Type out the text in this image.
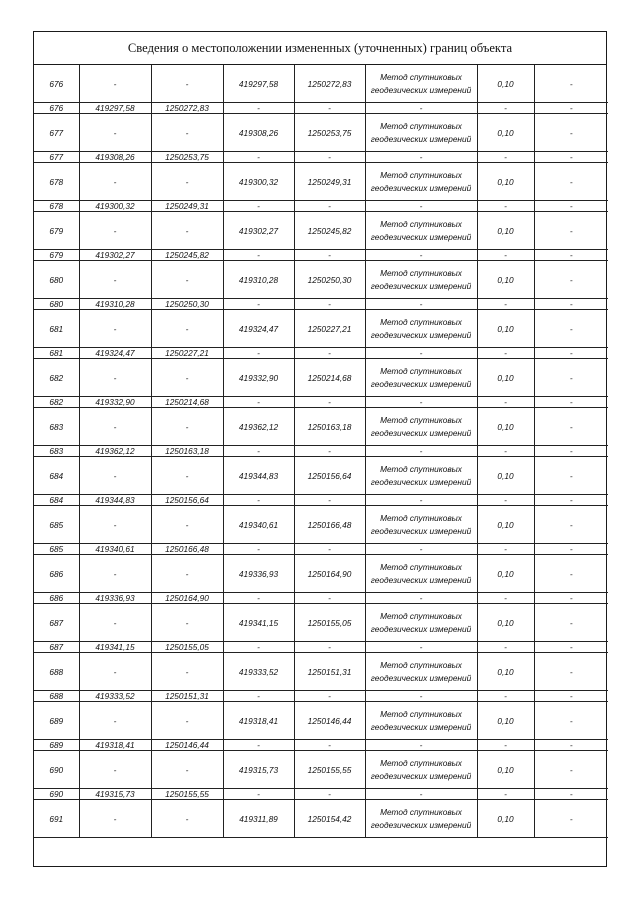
Сведения о местоположении измененных (уточненных) границ объекта
676	-	-	419297,58	1250272,83	Метод спутниковых геодезических измерений	0,10	-
676	419297,58	1250272,83	-	-	-	-	-
677	-	-	419308,26	1250253,75	Метод спутниковых геодезических измерений	0,10	-
677	419308,26	1250253,75	-	-	-	-	-
678	-	-	419300,32	1250249,31	Метод спутниковых геодезических измерений	0,10	-
678	419300,32	1250249,31	-	-	-	-	-
679	-	-	419302,27	1250245,82	Метод спутниковых геодезических измерений	0,10	-
679	419302,27	1250245,82	-	-	-	-	-
680	-	-	419310,28	1250250,30	Метод спутниковых геодезических измерений	0,10	-
680	419310,28	1250250,30	-	-	-	-	-
681	-	-	419324,47	1250227,21	Метод спутниковых геодезических измерений	0,10	-
681	419324,47	1250227,21	-	-	-	-	-
682	-	-	419332,90	1250214,68	Метод спутниковых геодезических измерений	0,10	-
682	419332,90	1250214,68	-	-	-	-	-
683	-	-	419362,12	1250163,18	Метод спутниковых геодезических измерений	0,10	-
683	419362,12	1250163,18	-	-	-	-	-
684	-	-	419344,83	1250156,64	Метод спутниковых геодезических измерений	0,10	-
684	419344,83	1250156,64	-	-	-	-	-
685	-	-	419340,61	1250166,48	Метод спутниковых геодезических измерений	0,10	-
685	419340,61	1250166,48	-	-	-	-	-
686	-	-	419336,93	1250164,90	Метод спутниковых геодезических измерений	0,10	-
686	419336,93	1250164,90	-	-	-	-	-
687	-	-	419341,15	1250155,05	Метод спутниковых геодезических измерений	0,10	-
687	419341,15	1250155,05	-	-	-	-	-
688	-	-	419333,52	1250151,31	Метод спутниковых геодезических измерений	0,10	-
688	419333,52	1250151,31	-	-	-	-	-
689	-	-	419318,41	1250146,44	Метод спутниковых геодезических измерений	0,10	-
689	419318,41	1250146,44	-	-	-	-	-
690	-	-	419315,73	1250155,55	Метод спутниковых геодезических измерений	0,10	-
690	419315,73	1250155,55	-	-	-	-	-
691	-	-	419311,89	1250154,42	Метод спутниковых геодезических измерений	0,10	-
